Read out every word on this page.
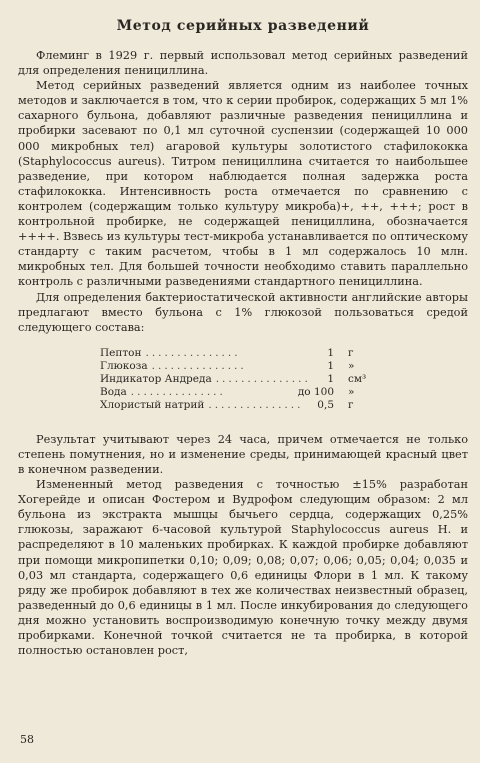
Метод серийных разведений

Флеминг в 1929 г. первый использовал метод серийных разведений для определения пенициллина.

Метод серийных разведений является одним из наиболее точных методов и заключается в том, что к серии пробирок, содержащих 5 мл 1% сахарного бульона, добавляют различные разведения пенициллина и пробирки засевают по 0,1 мл суточной суспензии (содержащей 10 000 000 микробных тел) агаровой культуры золотистого стафилококка (Staphylococcus aureus). Титром пенициллина считается то наибольшее разведение, при котором наблюдается полная задержка роста стафилококка. Интенсивность роста отмечается по сравнению с контролем (содержащим только культуру микроба)+, ++, +++; рост в контрольной пробирке, не содержащей пенициллина, обозначается ++++. Взвесь из культуры тест-микроба устанавливается по оптическому стандарту с таким расчетом, чтобы в 1 мл содержалось 10 млн. микробных тел. Для большей точности необходимо ставить параллельно контроль с различными разведениями стандартного пенициллина.

Для определения бактериостатической активности английские авторы предлагают вместо бульона с 1% глюкозой пользоваться средой следующего состава:

Пептон ...............	1	г
Глюкоза ...............	1	»
Индикатор Андреда ...............	1	см³
Вода ...............	до 100	»
Хлористый натрий ...............	0,5	г

Результат учитывают через 24 часа, причем отмечается не только степень помутнения, но и изменение среды, принимающей красный цвет в конечном разведении.

Измененный метод разведения с точностью ±15% разработан Хогерейде и описан Фостером и Вудрофом следующим образом: 2 мл бульона из экстракта мышцы бычьего сердца, содержащих 0,25% глюкозы, заражают 6-часовой культурой Staphylococcus aureus H. и распределяют в 10 маленьких пробирках. К каждой пробирке добавляют при помощи микропипетки 0,10; 0,09; 0,08; 0,07; 0,06; 0,05; 0,04; 0,035 и 0,03 мл стандарта, содержащего 0,6 единицы Флори в 1 мл. К такому ряду же пробирок добавляют в тех же количествах неизвестный образец, разведенный до 0,6 единицы в 1 мл. После инкубирования до следующего дня можно установить воспроизводимую конечную точку между двумя пробирками. Конечной точкой считается не та пробирка, в которой полностью остановлен рост,

58
